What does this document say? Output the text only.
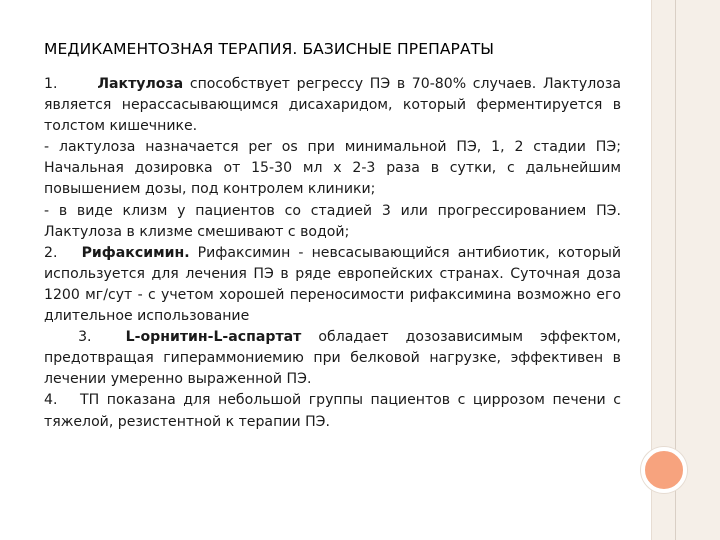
МЕДИКАМЕНТОЗНАЯ ТЕРАПИЯ. БАЗИСНЫЕ ПРЕПАРАТЫ

1.	Лактулоза способствует регрессу ПЭ в 70-80% случаев. Лактулоза является нерассасывающимся дисахаридом, который ферментируется в толстом кишечнике.

- лактулоза назначается per os при минимальной ПЭ, 1, 2 стадии ПЭ; Начальная дозировка от 15-30 мл х 2-3 раза в сутки, с дальнейшим повышением дозы, под контролем клиники;

- в виде клизм у пациентов со стадией 3 или прогрессированием ПЭ. Лактулоза в клизме смешивают с водой;

2. Рифаксимин. Рифаксимин - невсасывающийся антибиотик, который используется для лечения ПЭ в ряде европейских странах. Суточная доза 1200 мг/сут - с учетом хорошей переносимости рифаксимина возможно его длительное использование

3. L-орнитин-L-аспартат обладает дозозависимым эффектом, предотвращая гипераммониемию при белковой нагрузке, эффективен в лечении умеренно выраженной ПЭ.

4.   ТП показана для небольшой группы пациентов с циррозом печени с тяжелой, резистентной к терапии ПЭ.
